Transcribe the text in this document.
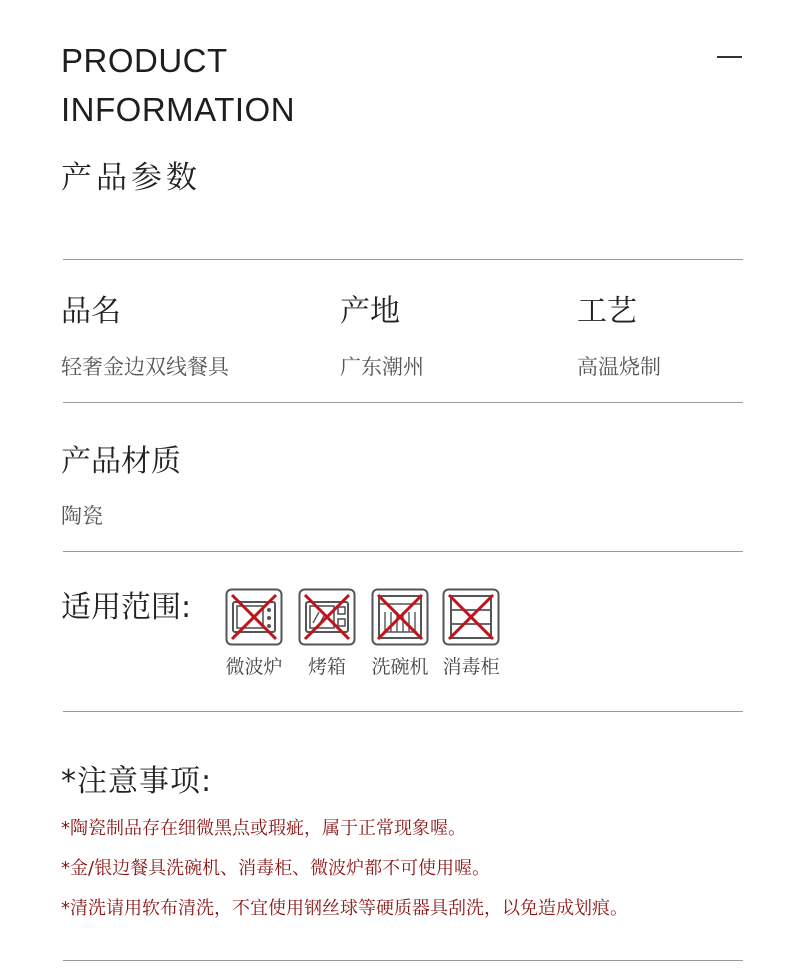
PRODUCT
INFORMATION
产品参数
品名
轻奢金边双线餐具
产地
广东潮州
工艺
高温烧制
产品材质
陶瓷
适用范围:
微波炉	烤箱	洗碗机 消毒柜
*注意事项:
*陶瓷制品存在细微黑点或瑕疵，属于正常现象喔。
*金/银边餐具洗碗机、消毒柜、微波炉都不可使用喔。
*清洗请用软布清洗，不宜使用钢丝球等硬质器具刮洗，以免造成划痕。
